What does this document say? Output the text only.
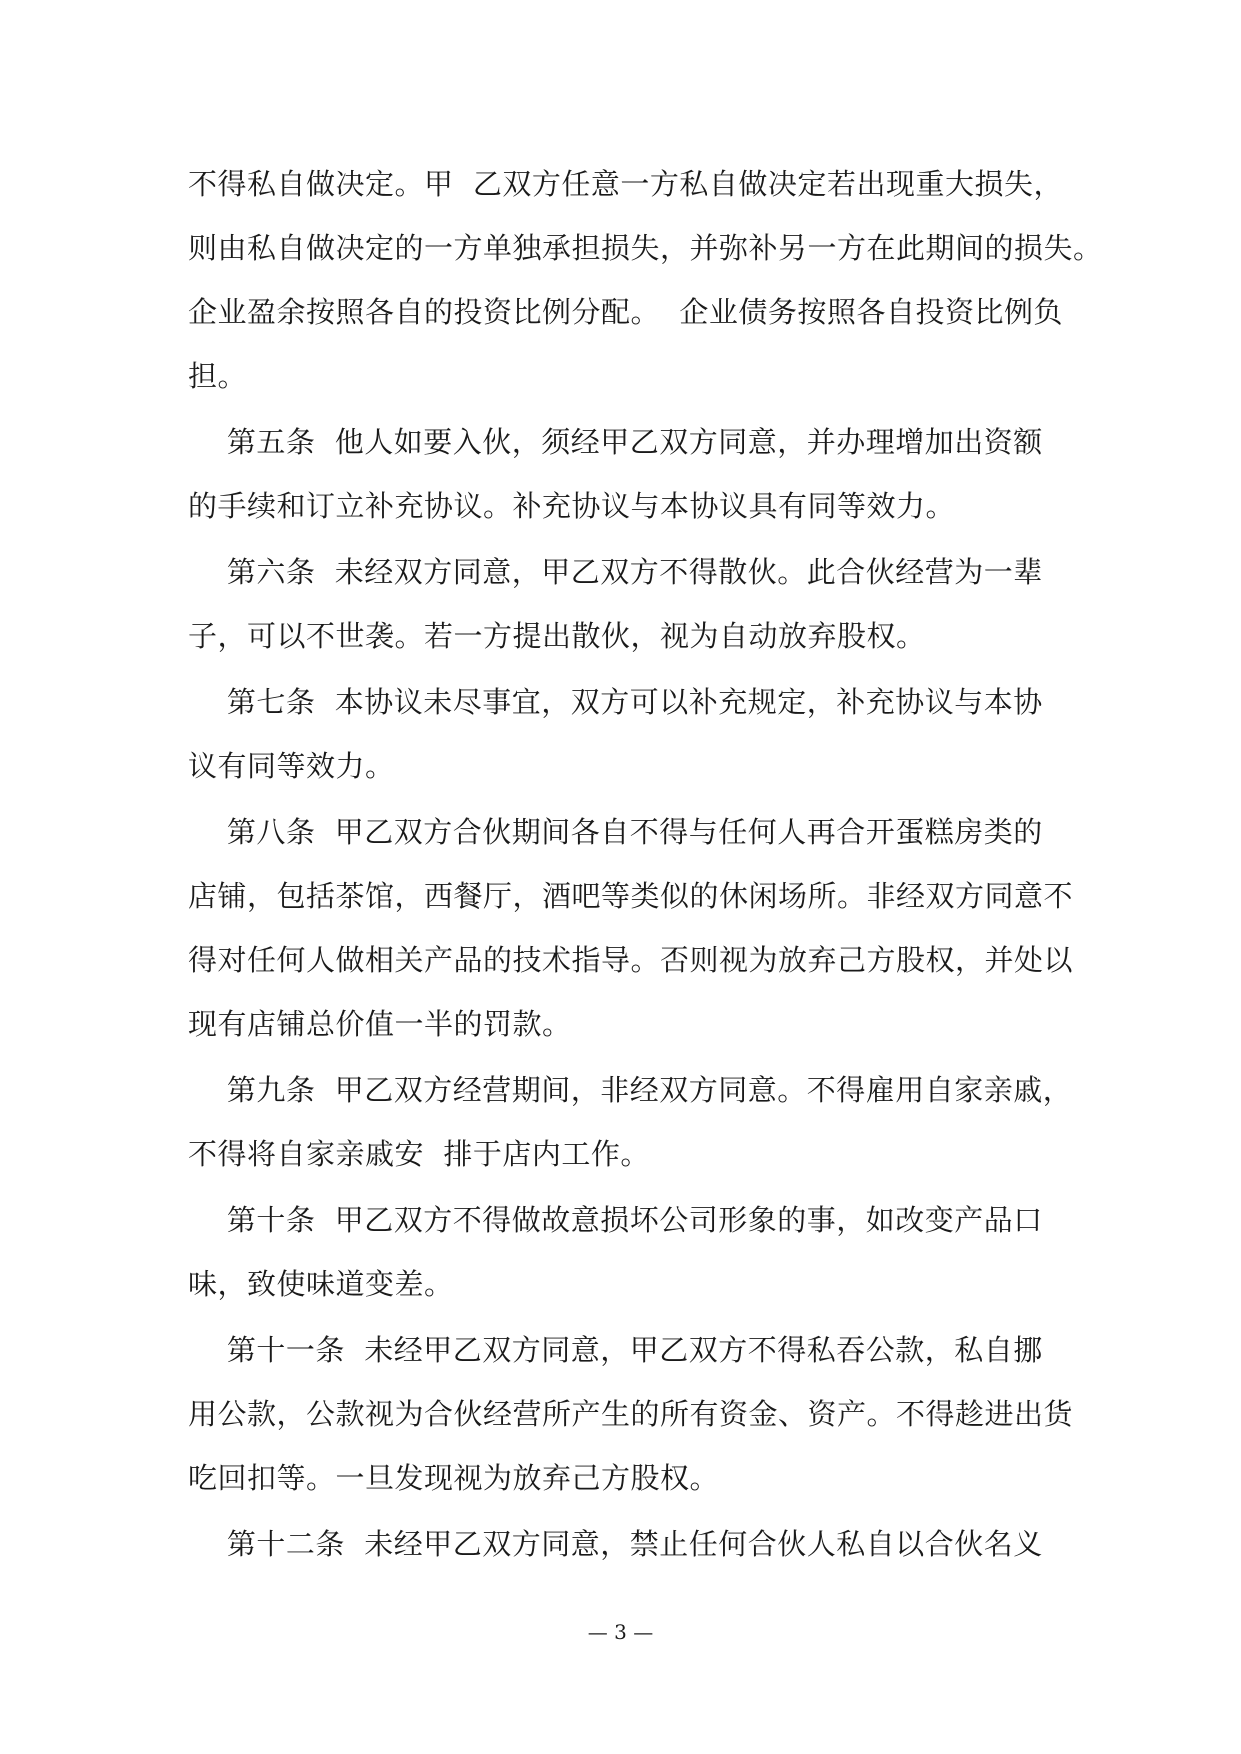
不得私自做决定。甲  乙双方任意一方私自做决定若出现重大损失，
则由私自做决定的一方单独承担损失，并弥补另一方在此期间的损失。
企业盈余按照各自的投资比例分配。  企业债务按照各自投资比例负
担。
第五条  他人如要入伙，须经甲乙双方同意，并办理增加出资额
的手续和订立补充协议。补充协议与本协议具有同等效力。
第六条  未经双方同意，甲乙双方不得散伙。此合伙经营为一辈
子，可以不世袭。若一方提出散伙，视为自动放弃股权。
第七条  本协议未尽事宜，双方可以补充规定，补充协议与本协
议有同等效力。
第八条  甲乙双方合伙期间各自不得与任何人再合开蛋糕房类的
店铺，包括茶馆，西餐厅，酒吧等类似的休闲场所。非经双方同意不
得对任何人做相关产品的技术指导。否则视为放弃己方股权，并处以
现有店铺总价值一半的罚款。
第九条  甲乙双方经营期间，非经双方同意。不得雇用自家亲戚，
不得将自家亲戚安  排于店内工作。
第十条  甲乙双方不得做故意损坏公司形象的事，如改变产品口
味，致使味道变差。
第十一条  未经甲乙双方同意，甲乙双方不得私吞公款，私自挪
用公款，公款视为合伙经营所产生的所有资金、资产。不得趁进出货
吃回扣等。一旦发现视为放弃己方股权。
第十二条  未经甲乙双方同意，禁止任何合伙人私自以合伙名义
— 3 —
